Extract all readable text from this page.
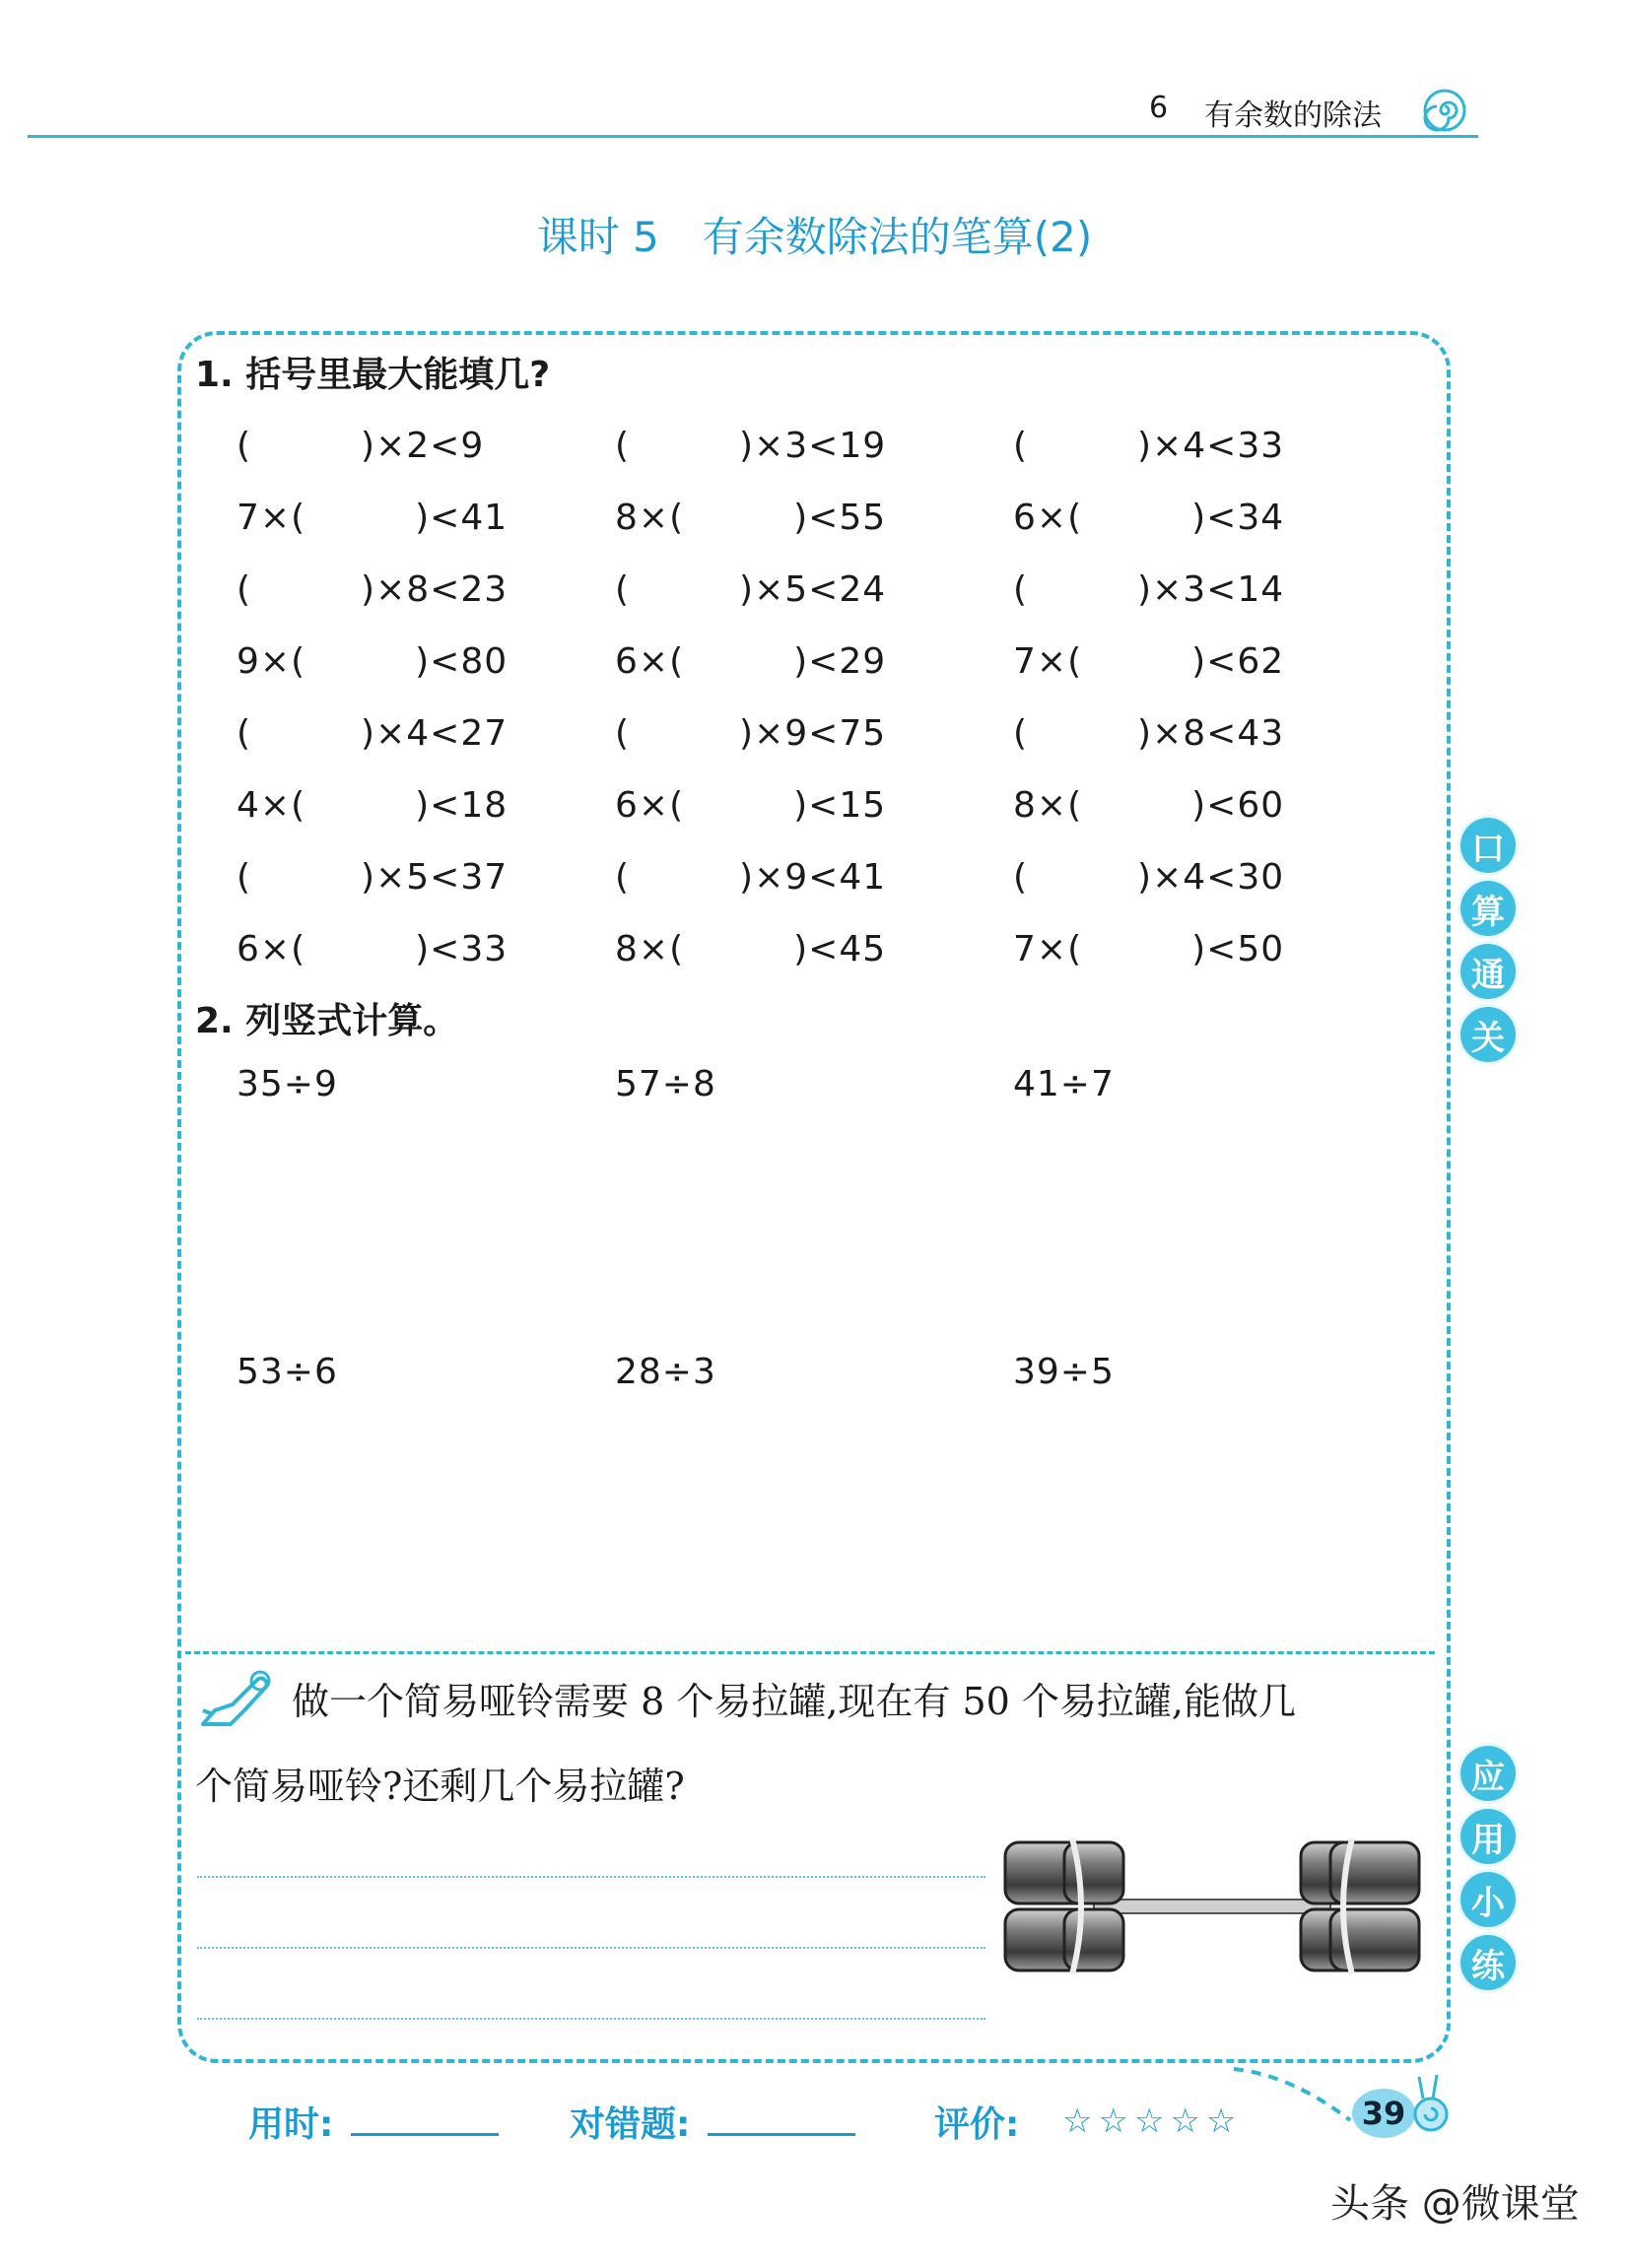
6 有余数的除法
课时 5 有余数除法的笔算(2)
1. 括号里最大能填几?
(　　　)×2<9	(　　　)×3<19	(　　　)×4<33
7×(　　　)<41	8×(　　　)<55	6×(　　　)<34
(　　　)×8<23	(　　　)×5<24	(　　　)×3<14
9×(　　　)<80	6×(　　　)<29	7×(　　　)<62
(　　　)×4<27	(　　　)×9<75	(　　　)×8<43
4×(　　　)<18	6×(　　　)<15	8×(　　　)<60
(　　　)×5<37	(　　　)×9<41	(　　　)×4<30
6×(　　　)<33	8×(　　　)<45	7×(　　　)<50
2. 列竖式计算。
35÷9	57÷8	41÷7
53÷6	28÷3	39÷5
口
算
通
关
应
用
小
练
做一个简易哑铃需要 8 个易拉罐,现在有 50 个易拉罐,能做几
个简易哑铃?还剩几个易拉罐?
用时:	对错题:	评价: ☆☆☆☆☆	39
头条 @微课堂
